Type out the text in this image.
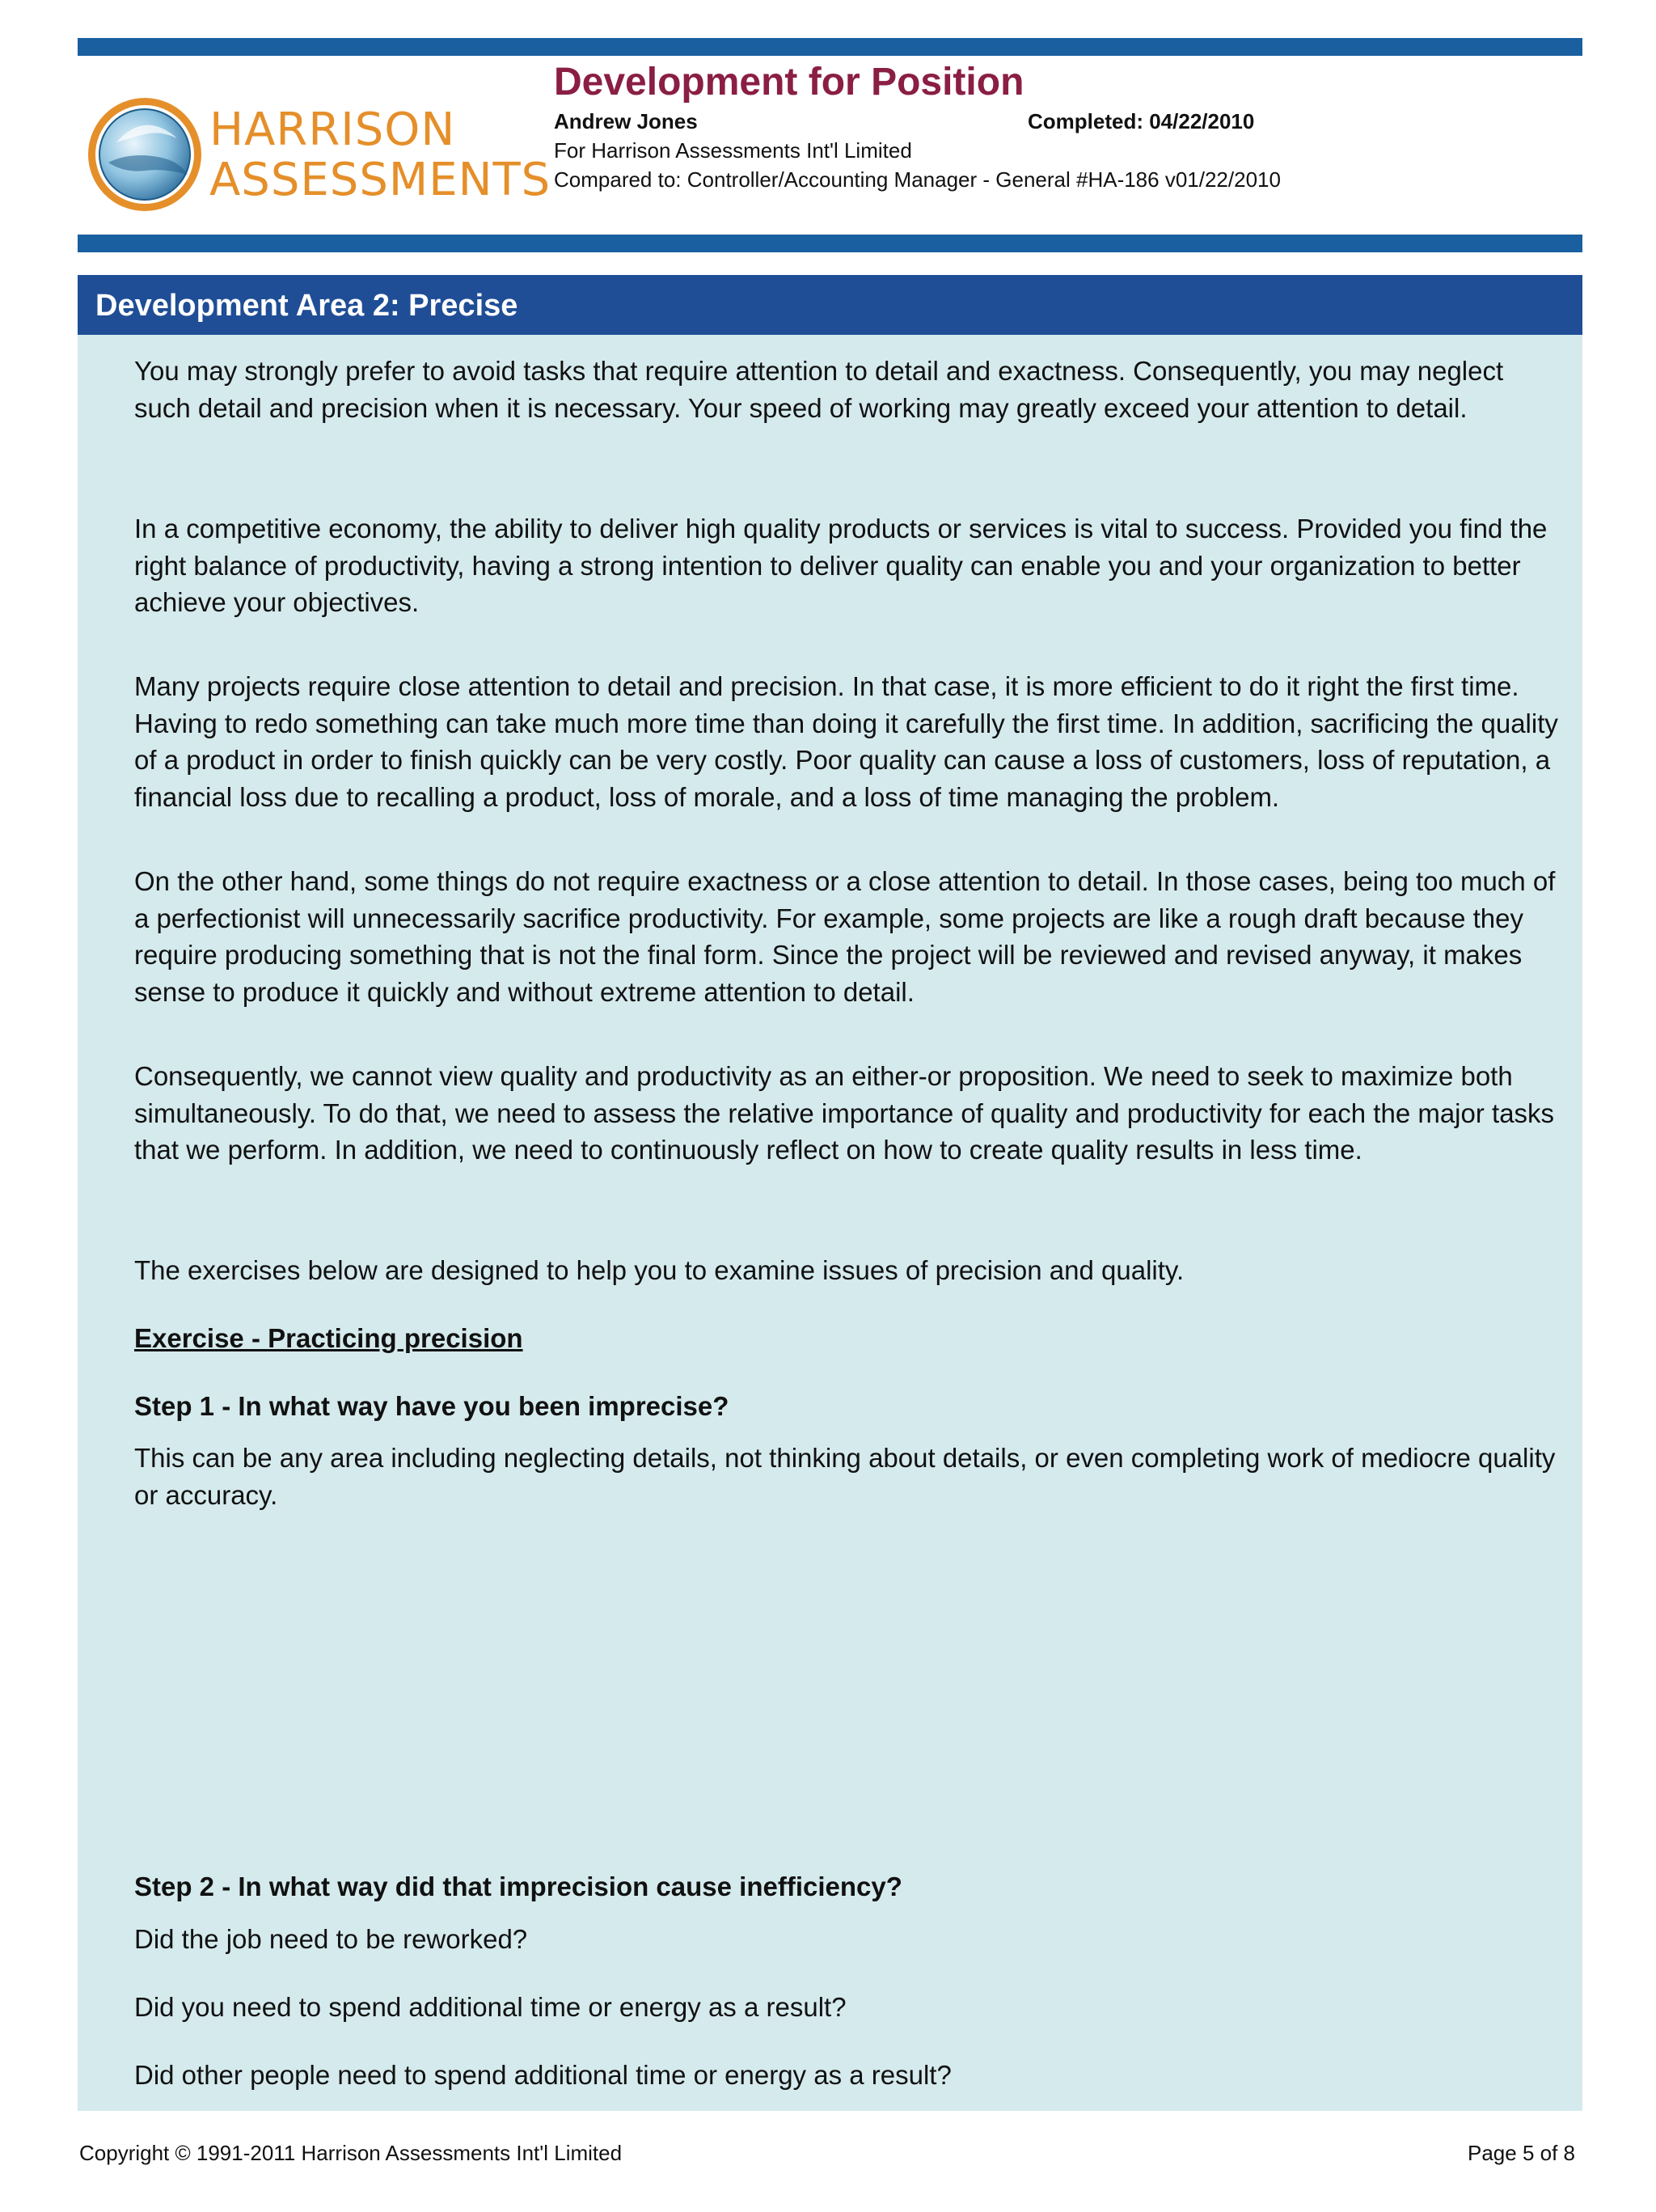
HARRISON
ASSESSMENTS
Development for Position
Andrew Jones	Completed: 04/22/2010
For Harrison Assessments Int'l Limited
Compared to: Controller/Accounting Manager - General #HA-186 v01/22/2010
Development Area 2: Precise

You may strongly prefer to avoid tasks that require attention to detail and exactness. Consequently, you may neglect such detail and precision when it is necessary. Your speed of working may greatly exceed your attention to detail.

In a competitive economy, the ability to deliver high quality products or services is vital to success. Provided you find the right balance of productivity, having a strong intention to deliver quality can enable you and your organization to better achieve your objectives.

Many projects require close attention to detail and precision. In that case, it is more efficient to do it right the first time. Having to redo something can take much more time than doing it carefully the first time. In addition, sacrificing the quality of a product in order to finish quickly can be very costly. Poor quality can cause a loss of customers, loss of reputation, a financial loss due to recalling a product, loss of morale, and a loss of time managing the problem.

On the other hand, some things do not require exactness or a close attention to detail. In those cases, being too much of a perfectionist will unnecessarily sacrifice productivity. For example, some projects are like a rough draft because they require producing something that is not the final form. Since the project will be reviewed and revised anyway, it makes sense to produce it quickly and without extreme attention to detail.

Consequently, we cannot view quality and productivity as an either-or proposition. We need to seek to maximize both simultaneously. To do that, we need to assess the relative importance of quality and productivity for each the major tasks that we perform. In addition, we need to continuously reflect on how to create quality results in less time.

The exercises below are designed to help you to examine issues of precision and quality.

Exercise - Practicing precision

Step 1 - In what way have you been imprecise?

This can be any area including neglecting details, not thinking about details, or even completing work of mediocre quality or accuracy.

Step 2 - In what way did that imprecision cause inefficiency?

Did the job need to be reworked?

Did you need to spend additional time or energy as a result?

Did other people need to spend additional time or energy as a result?

Copyright © 1991-2011 Harrison Assessments Int'l Limited	Page 5 of 8
